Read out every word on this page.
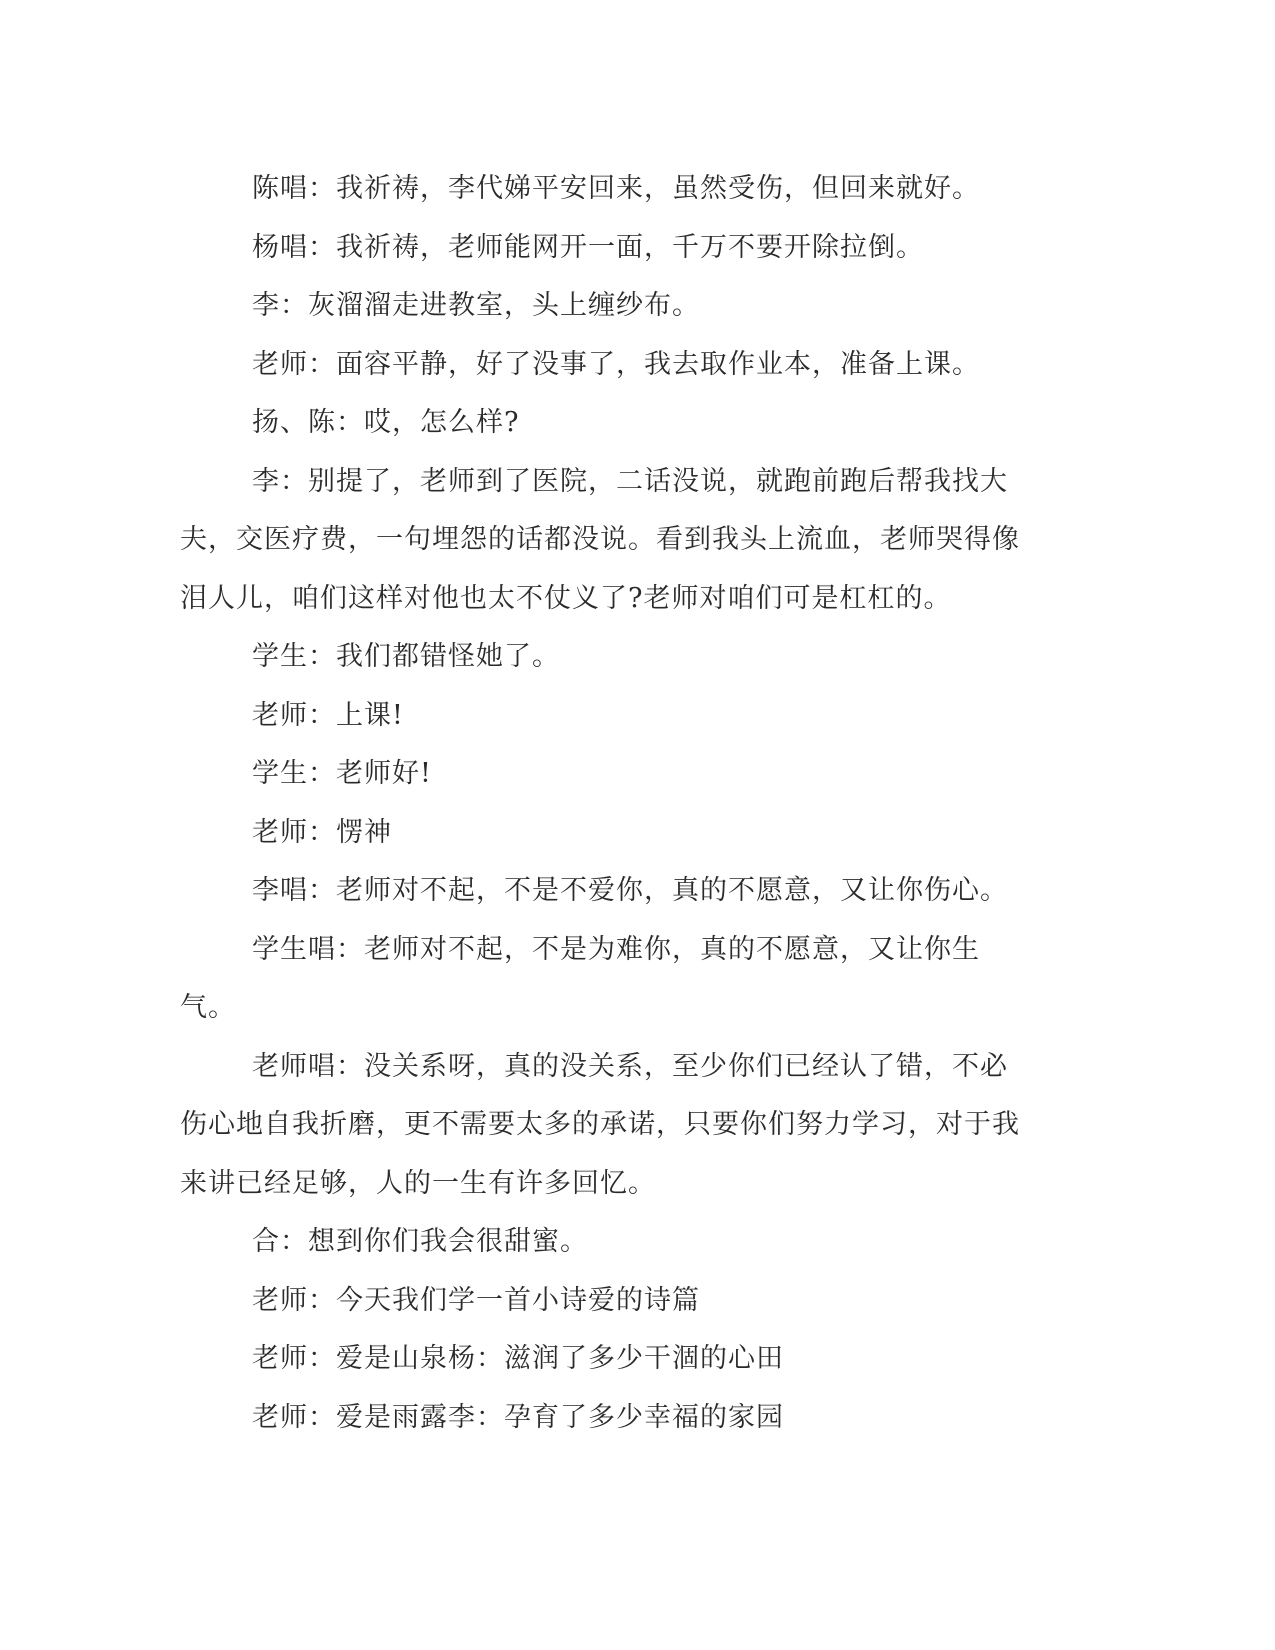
陈唱：我祈祷，李代娣平安回来，虽然受伤，但回来就好。

杨唱：我祈祷，老师能网开一面，千万不要开除拉倒。

李：灰溜溜走进教室，头上缠纱布。

老师：面容平静，好了没事了，我去取作业本，准备上课。

扬、陈：哎，怎么样?

李：别提了，老师到了医院，二话没说，就跑前跑后帮我找大夫，交医疗费，一句埋怨的话都没说。看到我头上流血，老师哭得像泪人儿，咱们这样对他也太不仗义了?老师对咱们可是杠杠的。

学生：我们都错怪她了。

老师：上课!

学生：老师好!

老师：愣神

李唱：老师对不起，不是不爱你，真的不愿意，又让你伤心。

学生唱：老师对不起，不是为难你，真的不愿意，又让你生气。

老师唱：没关系呀，真的没关系，至少你们已经认了错，不必伤心地自我折磨，更不需要太多的承诺，只要你们努力学习，对于我来讲已经足够，人的一生有许多回忆。

合：想到你们我会很甜蜜。

老师：今天我们学一首小诗爱的诗篇

老师：爱是山泉杨：滋润了多少干涸的心田

老师：爱是雨露李：孕育了多少幸福的家园
